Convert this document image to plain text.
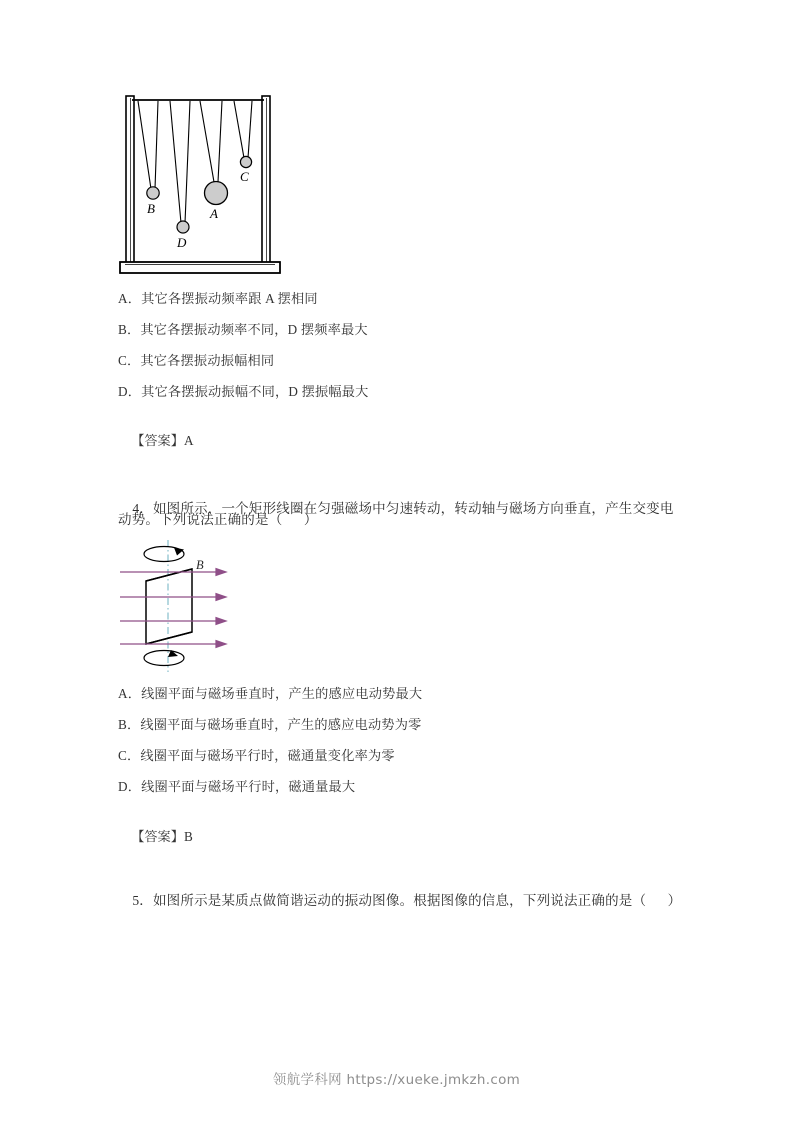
B
D
A
C
A．其它各摆振动频率跟 A 摆相同
B．其它各摆振动频率不同，D 摆频率最大
C．其它各摆振动振幅相同
D．其它各摆振动振幅不同，D 摆振幅最大

【答案】A

4．如图所示，一个矩形线圈在匀强磁场中匀速转动，转动轴与磁场方向垂直，产生交变电

动势。下列说法正确的是（      ）
B
A．线圈平面与磁场垂直时，产生的感应电动势最大
B．线圈平面与磁场垂直时，产生的感应电动势为零
C．线圈平面与磁场平行时，磁通量变化率为零
D．线圈平面与磁场平行时，磁通量最大

【答案】B

5．如图所示是某质点做简谐运动的振动图像。根据图像的信息，下列说法正确的是（      ）

领航学科网 https://xueke.jmkzh.com
